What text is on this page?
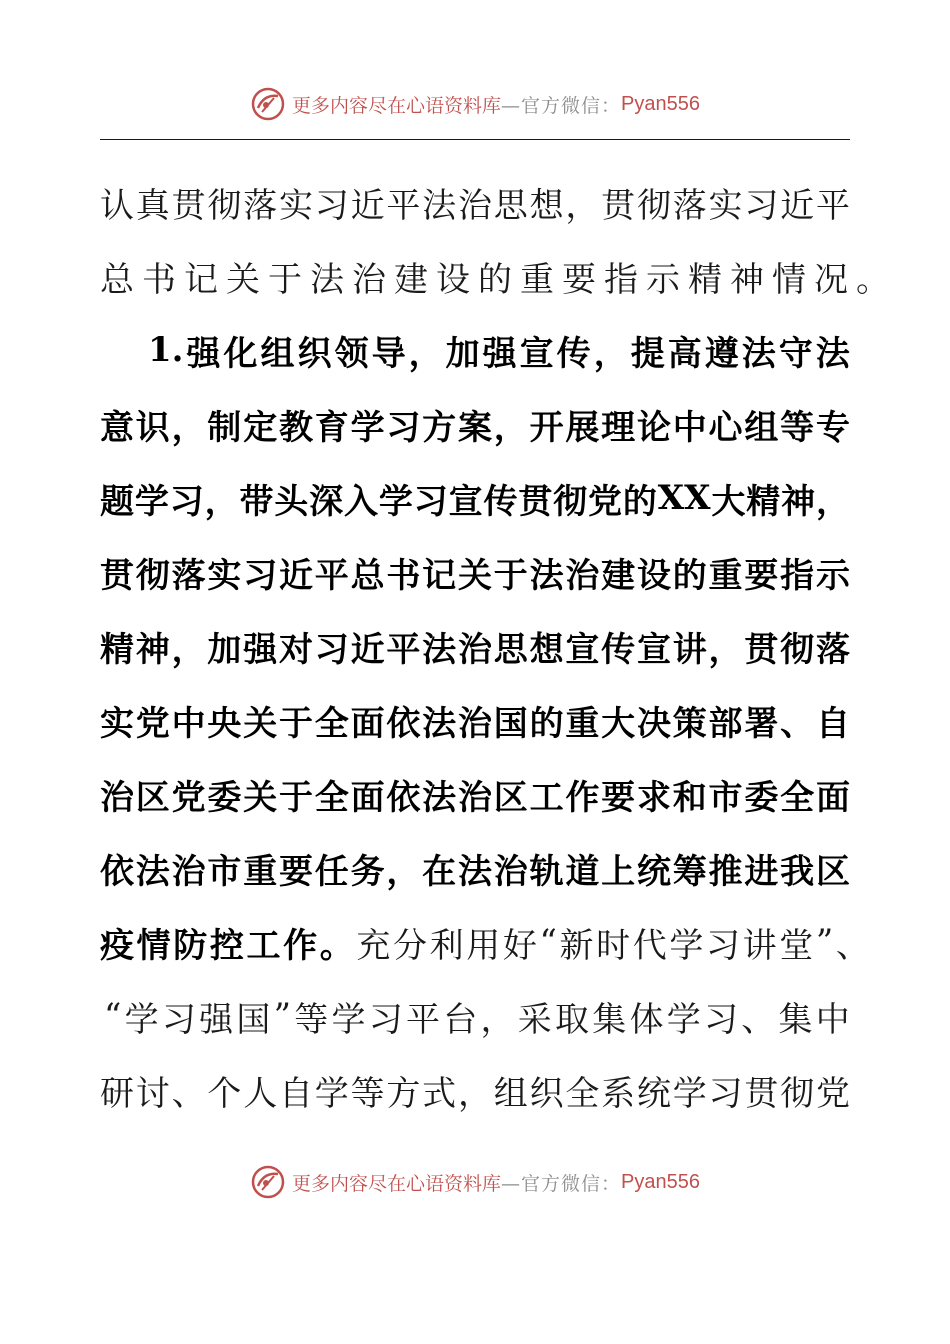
更多内容尽在心语资料库 —官方微信： Pyan556
认 真 贯 彻 落 实 习 近 平 法 治 思 想 ， 贯 彻 落 实 习 近 平
总 书 记 关 于 法 治 建 设 的 重 要 指 示 精 神 情 况 。
1. 强 化 组 织 领 导 ， 加 强 宣 传 ， 提 高 遵 法 守 法
意 识 ， 制 定 教 育 学 习 方 案 ， 开 展 理 论 中 心 组 等 专
题 学 习 ， 带 头 深 入 学 习 宣 传 贯 彻 党 的 XX 大 精 神 ，
贯 彻 落 实 习 近 平 总 书 记 关 于 法 治 建 设 的 重 要 指 示
精 神 ， 加 强 对 习 近 平 法 治 思 想 宣 传 宣 讲 ， 贯 彻 落
实 党 中 央 关 于 全 面 依 法 治 国 的 重 大 决 策 部 署 、 自
治 区 党 委 关 于 全 面 依 法 治 区 工 作 要 求 和 市 委 全 面
依 法 治 市 重 要 任 务 ， 在 法 治 轨 道 上 统 筹 推 进 我 区
疫 情 防 控 工 作 。 充 分 利 用 好 “ 新 时 代 学 习 讲 堂 ” 、
“ 学 习 强 国 ” 等 学 习 平 台 ， 采 取 集 体 学 习 、 集 中
研 讨 、 个 人 自 学 等 方 式 ， 组 织 全 系 统 学 习 贯 彻 党
更多内容尽在心语资料库 —官方微信： Pyan556
